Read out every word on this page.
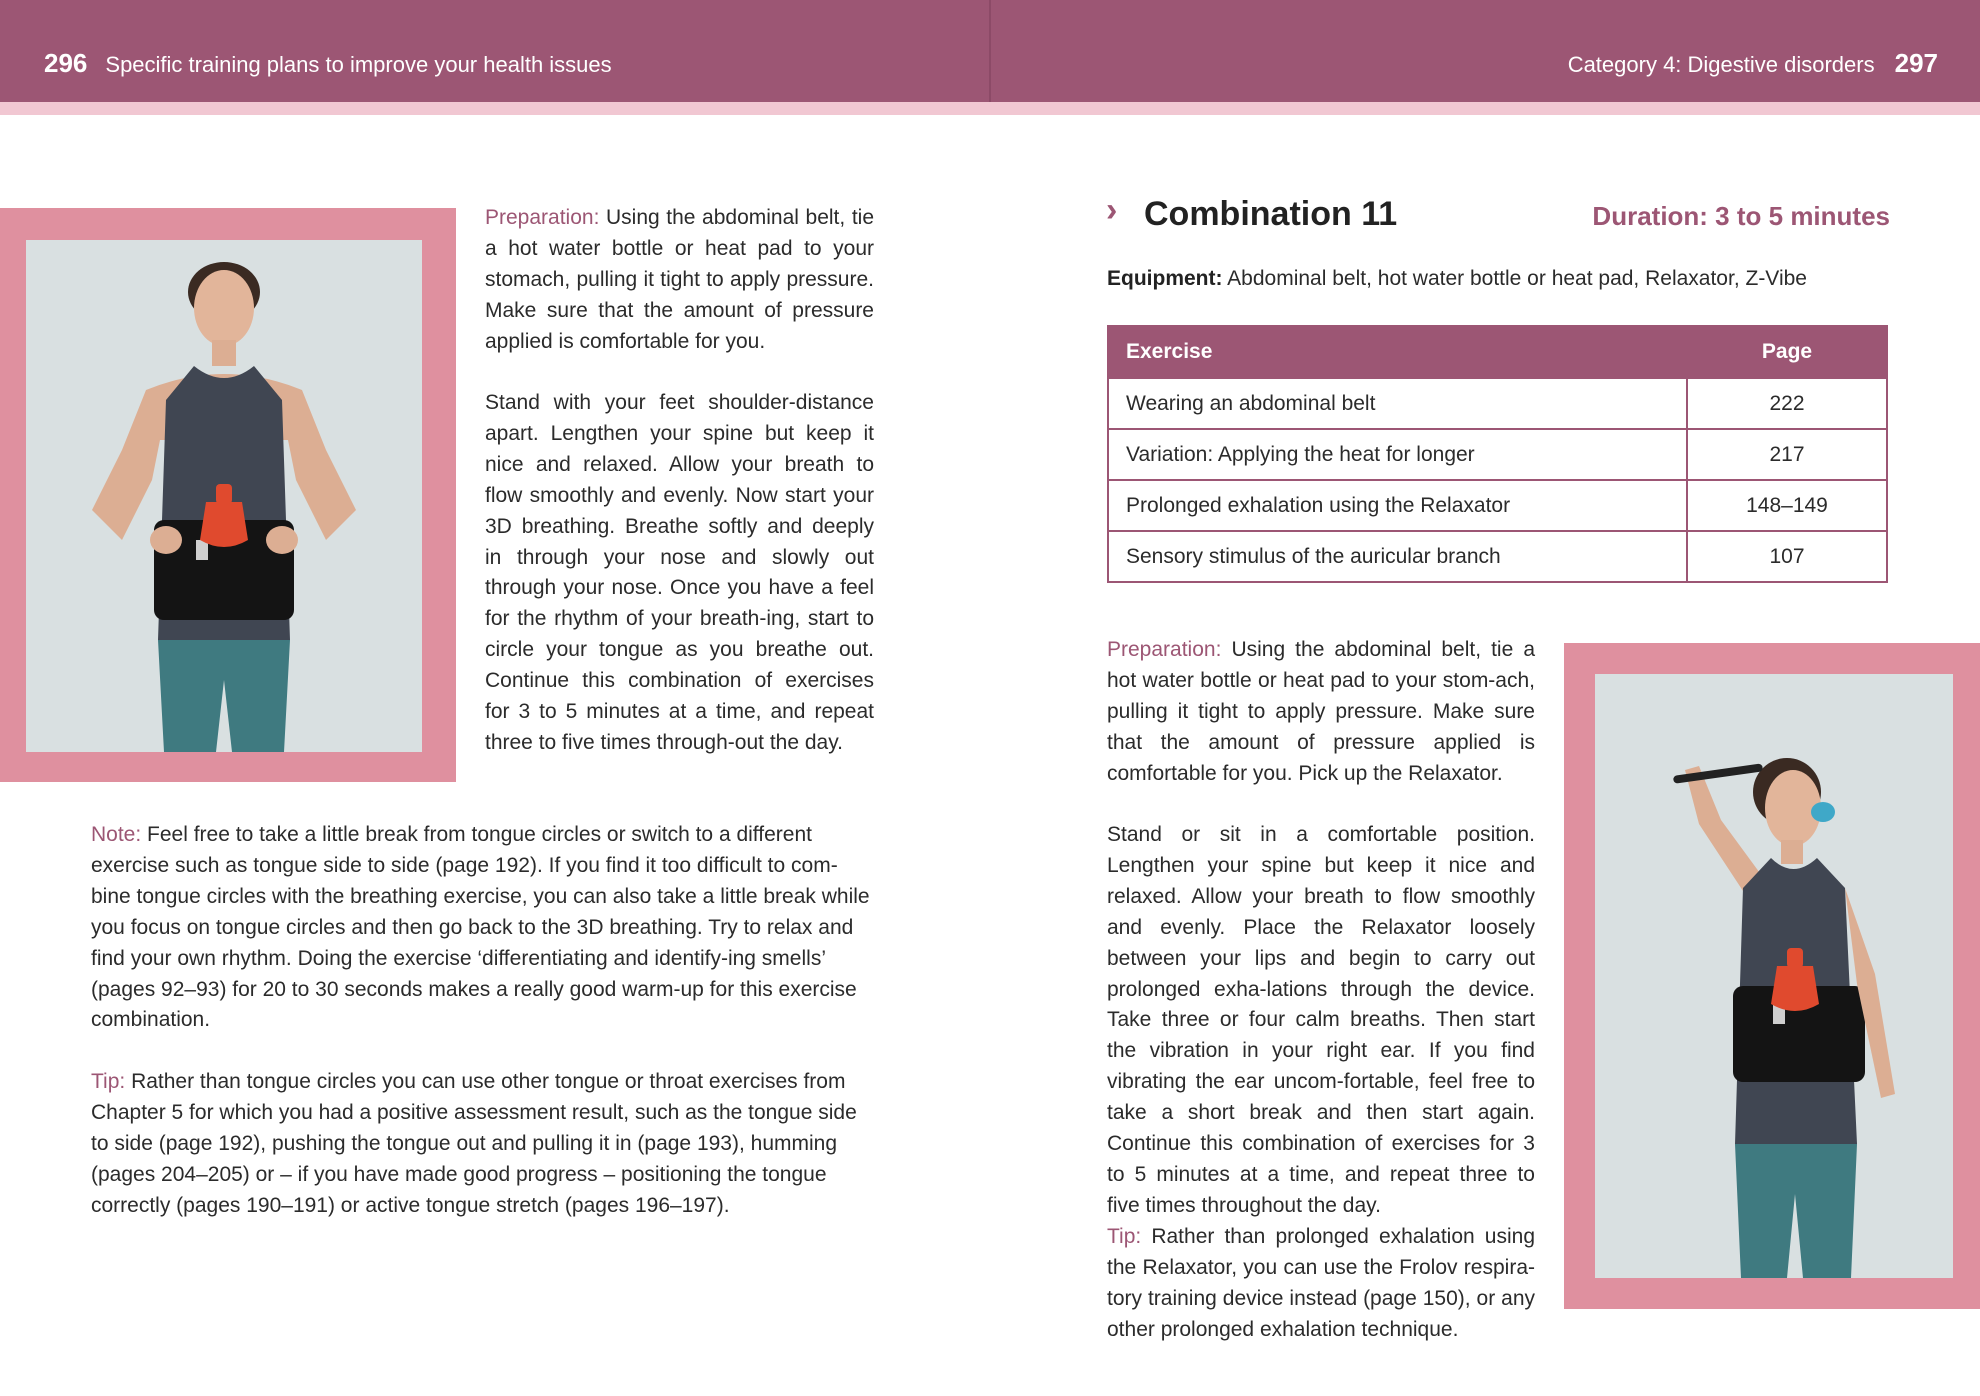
296 Specific training plans to improve your health issues	Category 4: Digestive disorders 297
Preparation: Using the abdominal belt, tie a hot water bottle or heat pad to your stomach, pulling it tight to apply pressure. Make sure that the amount of pressure applied is comfortable for you.
Stand with your feet shoulder-distance apart. Lengthen your spine but keep it nice and relaxed. Allow your breath to flow smoothly and evenly. Now start your 3D breathing. Breathe softly and deeply in through your nose and slowly out through your nose. Once you have a feel for the rhythm of your breath-ing, start to circle your tongue as you breathe out. Continue this combination of exercises for 3 to 5 minutes at a time, and repeat three to five times through-out the day.
Note: Feel free to take a little break from tongue circles or switch to a different exercise such as tongue side to side (page 192). If you find it too difficult to com-bine tongue circles with the breathing exercise, you can also take a little break while you focus on tongue circles and then go back to the 3D breathing. Try to relax and find your own rhythm. Doing the exercise ‘differentiating and identify-ing smells’ (pages 92–93) for 20 to 30 seconds makes a really good warm-up for this exercise combination.
Tip: Rather than tongue circles you can use other tongue or throat exercises from Chapter 5 for which you had a positive assessment result, such as the tongue side to side (page 192), pushing the tongue out and pulling it in (page 193), humming (pages 204–205) or – if you have made good progress – positioning the tongue correctly (pages 190–191) or active tongue stretch (pages 196–197).
› Combination 11	Duration: 3 to 5 minutes
Equipment: Abdominal belt, hot water bottle or heat pad, Relaxator, Z-Vibe
Exercise	Page
Wearing an abdominal belt	222
Variation: Applying the heat for longer	217
Prolonged exhalation using the Relaxator	148–149
Sensory stimulus of the auricular branch	107
Preparation: Using the abdominal belt, tie a hot water bottle or heat pad to your stom-ach, pulling it tight to apply pressure. Make sure that the amount of pressure applied is comfortable for you. Pick up the Relaxator.
Stand or sit in a comfortable position. Lengthen your spine but keep it nice and relaxed. Allow your breath to flow smoothly and evenly. Place the Relaxator loosely between your lips and begin to carry out prolonged exha-lations through the device. Take three or four calm breaths. Then start the vibration in your right ear. If you find vibrating the ear uncom-fortable, feel free to take a short break and then start again. Continue this combination of exercises for 3 to 5 minutes at a time, and repeat three to five times throughout the day.
Tip: Rather than prolonged exhalation using the Relaxator, you can use the Frolov respira-tory training device instead (page 150), or any other prolonged exhalation technique.
